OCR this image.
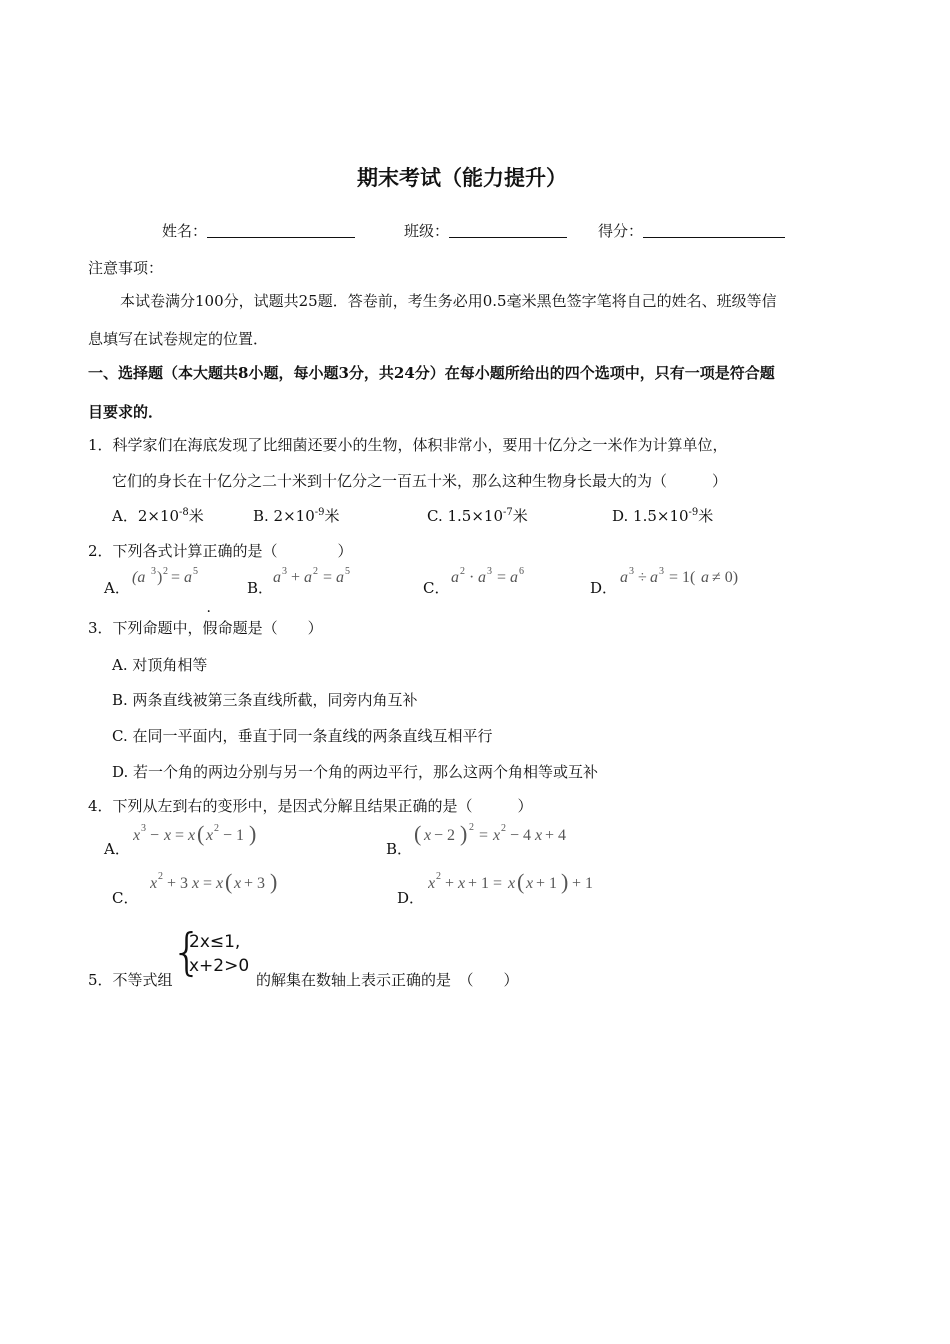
期末考试（能力提升）
姓名：	班级：	得分：
注意事项：
本试卷满分100分，试题共25题．答卷前，考生务必用0.5毫米黑色签字笔将自己的姓名、班级等信
息填写在试卷规定的位置．
一、选择题（本大题共8小题，每小题3分，共24分）在每小题所给出的四个选项中，只有一项是符合题
目要求的．
1．科学家们在海底发现了比细菌还要小的生物，体积非常小，要用十亿分之一米作为计算单位，
它们的身长在十亿分之二十米到十亿分之一百五十米，那么这种生物身长最大的为（　　　）
A．$2\times 10^{-8}$米	B. $2\times 10^{-9}$米	C. $1.5\times 10^{-7}$米	D. $1.5\times 10^{-9}$米
2．下列各式计算正确的是（　　　　）
A．
(a 3 ) 2 = a 5
B．
a 3 + a 2 = a 5
C．
a 2 · a 3 = a 6
D．
a 3 ÷ a 3 = 1( a ≠ 0)
3．下列命题中，
·
假命题是（　　）
A. 对顶角相等
B. 两条直线被第三条直线所截，同旁内角互补
C. 在同一平面内，垂直于同一条直线的两条直线互相平行
D. 若一个角的两边分别与另一个角的两边平行，那么这两个角相等或互补
4．下列从左到右的变形中，是因式分解且结果正确的是（　　　）
A．
x 3 − x = x ( x 2 − 1 )
B．
( x − 2 ) 2 = x 2 − 4 x + 4
C．
x 2 + 3 x = x ( x + 3 )
D．
x 2 + x + 1 = x ( x + 1 ) + 1
5．不等式组
{
2x≤1,
x+2>0
的解集在数轴上表示正确的是　（　　）
